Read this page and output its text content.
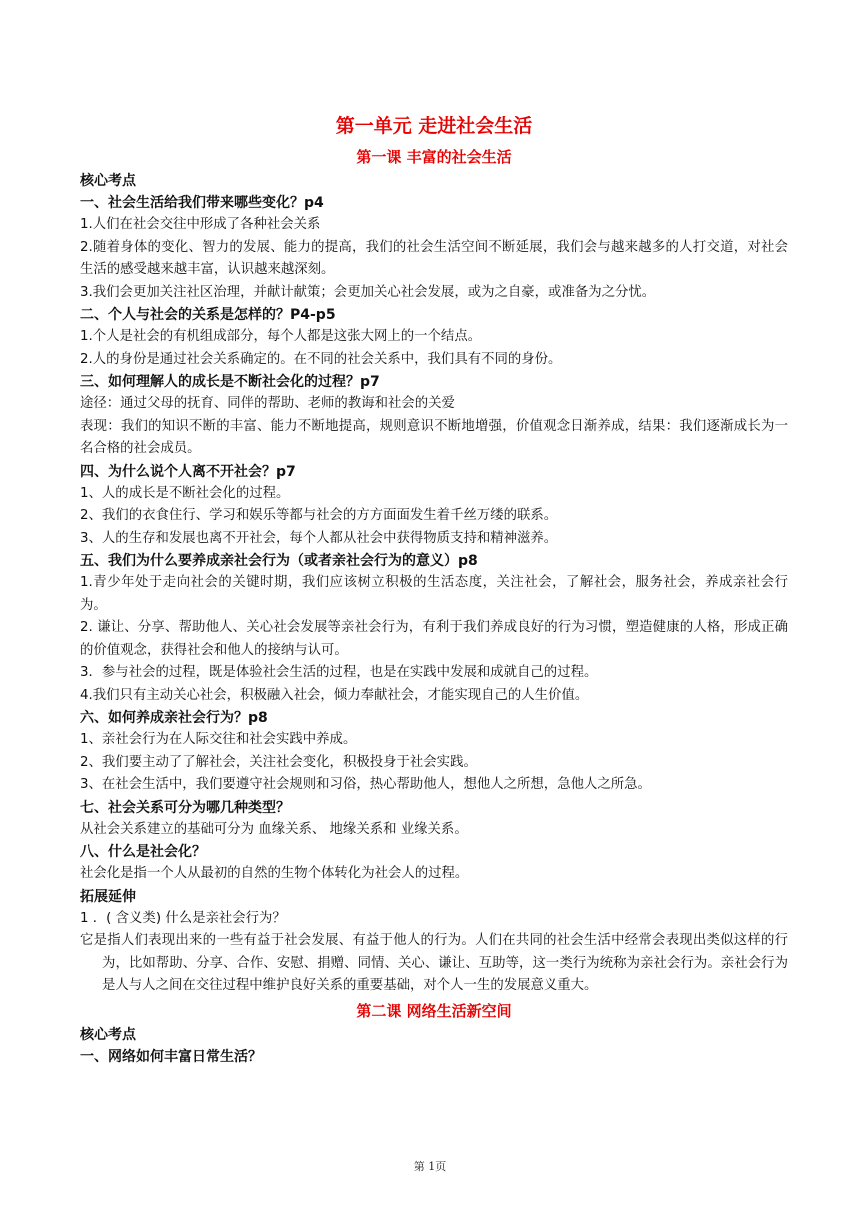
第一单元 走进社会生活
第一课 丰富的社会生活
核心考点
一、社会生活给我们带来哪些变化？p4
1.人们在社会交往中形成了各种社会关系
2.随着身体的变化、智力的发展、能力的提高，我们的社会生活空间不断延展，我们会与越来越多的人打交道，对社会生活的感受越来越丰富，认识越来越深刻。
3.我们会更加关注社区治理，并献计献策；会更加关心社会发展，或为之自豪，或准备为之分忧。
二、个人与社会的关系是怎样的？P4-p5
1.个人是社会的有机组成部分，每个人都是这张大网上的一个结点。
2.人的身份是通过社会关系确定的。在不同的社会关系中，我们具有不同的身份。
三、如何理解人的成长是不断社会化的过程？p7
途径：通过父母的抚育、同伴的帮助、老师的教诲和社会的关爱
表现：我们的知识不断的丰富、能力不断地提高，规则意识不断地增强，价值观念日渐养成，结果：我们逐渐成长为一名合格的社会成员。
四、为什么说个人离不开社会？p7
1、人的成长是不断社会化的过程。
2、我们的衣食住行、学习和娱乐等都与社会的方方面面发生着千丝万缕的联系。
3、人的生存和发展也离不开社会，每个人都从社会中获得物质支持和精神滋养。
五、我们为什么要养成亲社会行为（或者亲社会行为的意义）p8
1.青少年处于走向社会的关键时期，我们应该树立积极的生活态度，关注社会，了解社会，服务社会，养成亲社会行为。
2. 谦让、分享、帮助他人、关心社会发展等亲社会行为，有利于我们养成良好的行为习惯，塑造健康的人格，形成正确的价值观念，获得社会和他人的接纳与认可。
3．参与社会的过程，既是体验社会生活的过程，也是在实践中发展和成就自己的过程。
4.我们只有主动关心社会，积极融入社会，倾力奉献社会，才能实现自己的人生价值。
六、如何养成亲社会行为？p8
1、亲社会行为在人际交往和社会实践中养成。
2、我们要主动了了解社会，关注社会变化，积极投身于社会实践。
3、在社会生活中，我们要遵守社会规则和习俗，热心帮助他人，想他人之所想，急他人之所急。
七、社会关系可分为哪几种类型？
从社会关系建立的基础可分为 血缘关系、 地缘关系和 业缘关系。
八、什么是社会化？
社会化是指一个人从最初的自然的生物个体转化为社会人的过程。
拓展延伸
1 ．( 含义类) 什么是亲社会行为？
它是指人们表现出来的一些有益于社会发展、有益于他人的行为。人们在共同的社会生活中经常会表现出类似这样的行为，比如帮助、分享、合作、安慰、捐赠、同情、关心、谦让、互助等，这一类行为统称为亲社会行为。亲社会行为是人与人之间在交往过程中维护良好关系的重要基础，对个人一生的发展意义重大。
第二课 网络生活新空间
核心考点
一、网络如何丰富日常生活？
第 1页
